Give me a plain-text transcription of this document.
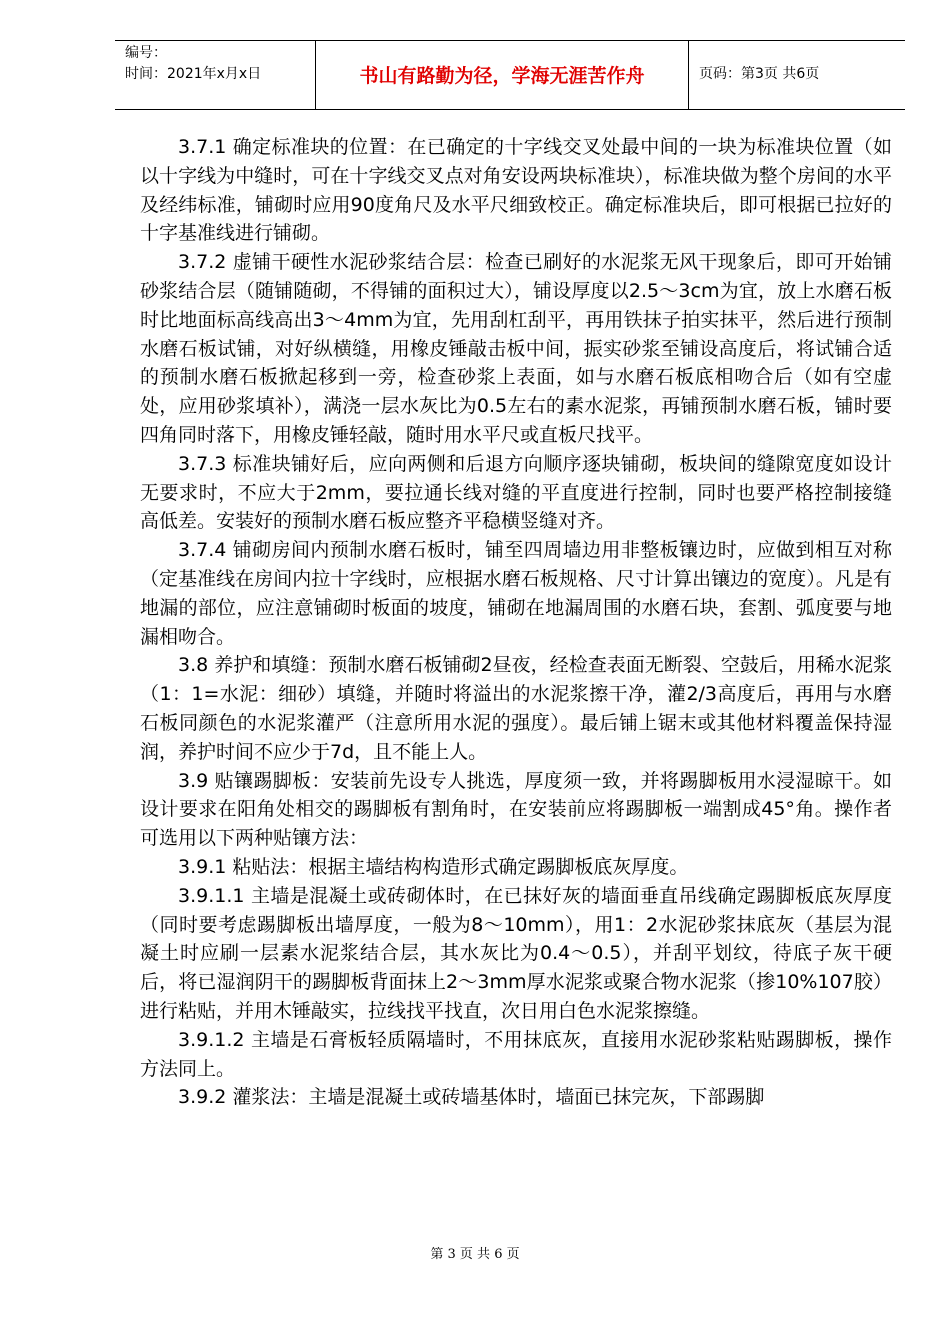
编号：
时间：2021年x月x日	书山有路勤为径，学海无涯苦作舟	页码：第3页 共6页

3.7.1 确定标准块的位置：在已确定的十字线交叉处最中间的一块为标准块位置（如以十字线为中缝时，可在十字线交叉点对角安设两块标准块），标准块做为整个房间的水平及经纬标准，铺砌时应用90度角尺及水平尺细致校正。确定标准块后，即可根据已拉好的十字基准线进行铺砌。

3.7.2 虚铺干硬性水泥砂浆结合层：检查已刷好的水泥浆无风干现象后，即可开始铺砂浆结合层（随铺随砌，不得铺的面积过大），铺设厚度以2.5～3cm为宜，放上水磨石板时比地面标高线高出3～4mm为宜，先用刮杠刮平，再用铁抹子拍实抹平，然后进行预制水磨石板试铺，对好纵横缝，用橡皮锤敲击板中间，振实砂浆至铺设高度后，将试铺合适的预制水磨石板掀起移到一旁，检查砂浆上表面，如与水磨石板底相吻合后（如有空虚处，应用砂浆填补），满浇一层水灰比为0.5左右的素水泥浆，再铺预制水磨石板，铺时要四角同时落下，用橡皮锤轻敲，随时用水平尺或直板尺找平。

3.7.3 标准块铺好后，应向两侧和后退方向顺序逐块铺砌，板块间的缝隙宽度如设计无要求时，不应大于2mm，要拉通长线对缝的平直度进行控制，同时也要严格控制接缝高低差。安装好的预制水磨石板应整齐平稳横竖缝对齐。

3.7.4 铺砌房间内预制水磨石板时，铺至四周墙边用非整板镶边时，应做到相互对称（定基准线在房间内拉十字线时，应根据水磨石板规格、尺寸计算出镶边的宽度）。凡是有地漏的部位，应注意铺砌时板面的坡度，铺砌在地漏周围的水磨石块，套割、弧度要与地漏相吻合。

3.8 养护和填缝：预制水磨石板铺砌2昼夜，经检查表面无断裂、空鼓后，用稀水泥浆（1：1=水泥：细砂）填缝，并随时将溢出的水泥浆擦干净，灌2/3高度后，再用与水磨石板同颜色的水泥浆灌严（注意所用水泥的强度）。最后铺上锯末或其他材料覆盖保持湿润，养护时间不应少于7d，且不能上人。

3.9 贴镶踢脚板：安装前先设专人挑选，厚度须一致，并将踢脚板用水浸湿晾干。如设计要求在阳角处相交的踢脚板有割角时，在安装前应将踢脚板一端割成45°角。操作者可选用以下两种贴镶方法：

3.9.1 粘贴法：根据主墙结构构造形式确定踢脚板底灰厚度。

3.9.1.1 主墙是混凝土或砖砌体时，在已抹好灰的墙面垂直吊线确定踢脚板底灰厚度（同时要考虑踢脚板出墙厚度，一般为8～10mm），用1：2水泥砂浆抹底灰（基层为混凝土时应刷一层素水泥浆结合层，其水灰比为0.4～0.5），并刮平划纹，待底子灰干硬后，将已湿润阴干的踢脚板背面抹上2～3mm厚水泥浆或聚合物水泥浆（掺10%107胶）进行粘贴，并用木锤敲实，拉线找平找直，次日用白色水泥浆擦缝。

3.9.1.2 主墙是石膏板轻质隔墙时，不用抹底灰，直接用水泥砂浆粘贴踢脚板，操作方法同上。

3.9.2 灌浆法：主墙是混凝土或砖墙基体时，墙面已抹完灰，下部踢脚

第 3 页 共 6 页
